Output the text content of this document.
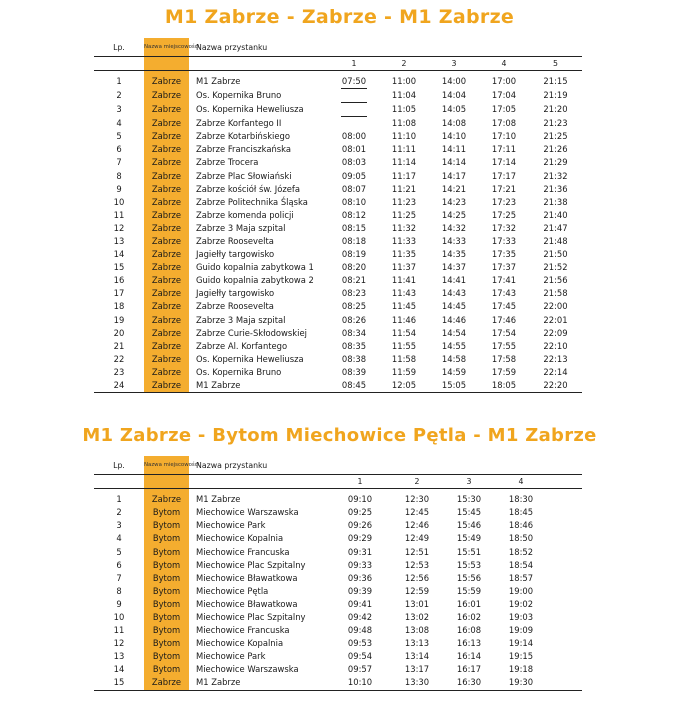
M1 Zabrze - Zabrze - M1 Zabrze
Lp.	Nazwa miejscowości	Nazwa przystanku					
			1	2	3	4	5

1	Zabrze	M1 Zabrze	07:50	11:00	14:00	17:00	21:15
2	Zabrze	Os. Kopernika Bruno		11:04	14:04	17:04	21:19
3	Zabrze	Os. Kopernika Heweliusza		11:05	14:05	17:05	21:20
4	Zabrze	Zabrze Korfantego II		11:08	14:08	17:08	21:23
5	Zabrze	Zabrze Kotarbińskiego	08:00	11:10	14:10	17:10	21:25
6	Zabrze	Zabrze Franciszkańska	08:01	11:11	14:11	17:11	21:26
7	Zabrze	Zabrze Trocera	08:03	11:14	14:14	17:14	21:29
8	Zabrze	Zabrze Plac Słowiański	09:05	11:17	14:17	17:17	21:32
9	Zabrze	Zabrze kościół św. Józefa	08:07	11:21	14:21	17:21	21:36
10	Zabrze	Zabrze Politechnika Śląska	08:10	11:23	14:23	17:23	21:38
11	Zabrze	Zabrze komenda policji	08:12	11:25	14:25	17:25	21:40
12	Zabrze	Zabrze 3 Maja szpital	08:15	11:32	14:32	17:32	21:47
13	Zabrze	Zabrze Roosevelta	08:18	11:33	14:33	17:33	21:48
14	Zabrze	Jagiełły targowisko	08:19	11:35	14:35	17:35	21:50
15	Zabrze	Guido kopalnia zabytkowa 1	08:20	11:37	14:37	17:37	21:52
16	Zabrze	Guido kopalnia zabytkowa 2	08:21	11:41	14:41	17:41	21:56
17	Zabrze	Jagiełły targowisko	08:23	11:43	14:43	17:43	21:58
18	Zabrze	Zabrze Roosevelta	08:25	11:45	14:45	17:45	22:00
19	Zabrze	Zabrze 3 Maja szpital	08:26	11:46	14:46	17:46	22:01
20	Zabrze	Zabrze Curie-Skłodowskiej	08:34	11:54	14:54	17:54	22:09
21	Zabrze	Zabrze Al. Korfantego	08:35	11:55	14:55	17:55	22:10
22	Zabrze	Os. Kopernika Heweliusza	08:38	11:58	14:58	17:58	22:13
23	Zabrze	Os. Kopernika Bruno	08:39	11:59	14:59	17:59	22:14
24	Zabrze	M1 Zabrze	08:45	12:05	15:05	18:05	22:20
M1 Zabrze - Bytom Miechowice Pętla - M1 Zabrze
Lp.	Nazwa miejscowości	Nazwa przystanku					
			1	2	3	4	

1	Zabrze	M1 Zabrze	09:10	12:30	15:30	18:30	
2	Bytom	Miechowice Warszawska	09:25	12:45	15:45	18:45	
3	Bytom	Miechowice Park	09:26	12:46	15:46	18:46	
4	Bytom	Miechowice Kopalnia	09:29	12:49	15:49	18:50	
5	Bytom	Miechowice Francuska	09:31	12:51	15:51	18:52	
6	Bytom	Miechowice Plac Szpitalny	09:33	12:53	15:53	18:54	
7	Bytom	Miechowice Bławatkowa	09:36	12:56	15:56	18:57	
8	Bytom	Miechowice Pętla	09:39	12:59	15:59	19:00	
9	Bytom	Miechowice Bławatkowa	09:41	13:01	16:01	19:02	
10	Bytom	Miechowice Plac Szpitalny	09:42	13:02	16:02	19:03	
11	Bytom	Miechowice Francuska	09:48	13:08	16:08	19:09	
12	Bytom	Miechowice Kopalnia	09:53	13:13	16:13	19:14	
13	Bytom	Miechowice Park	09:54	13:14	16:14	19:15	
14	Bytom	Miechowice Warszawska	09:57	13:17	16:17	19:18	
15	Zabrze	M1 Zabrze	10:10	13:30	16:30	19:30	
